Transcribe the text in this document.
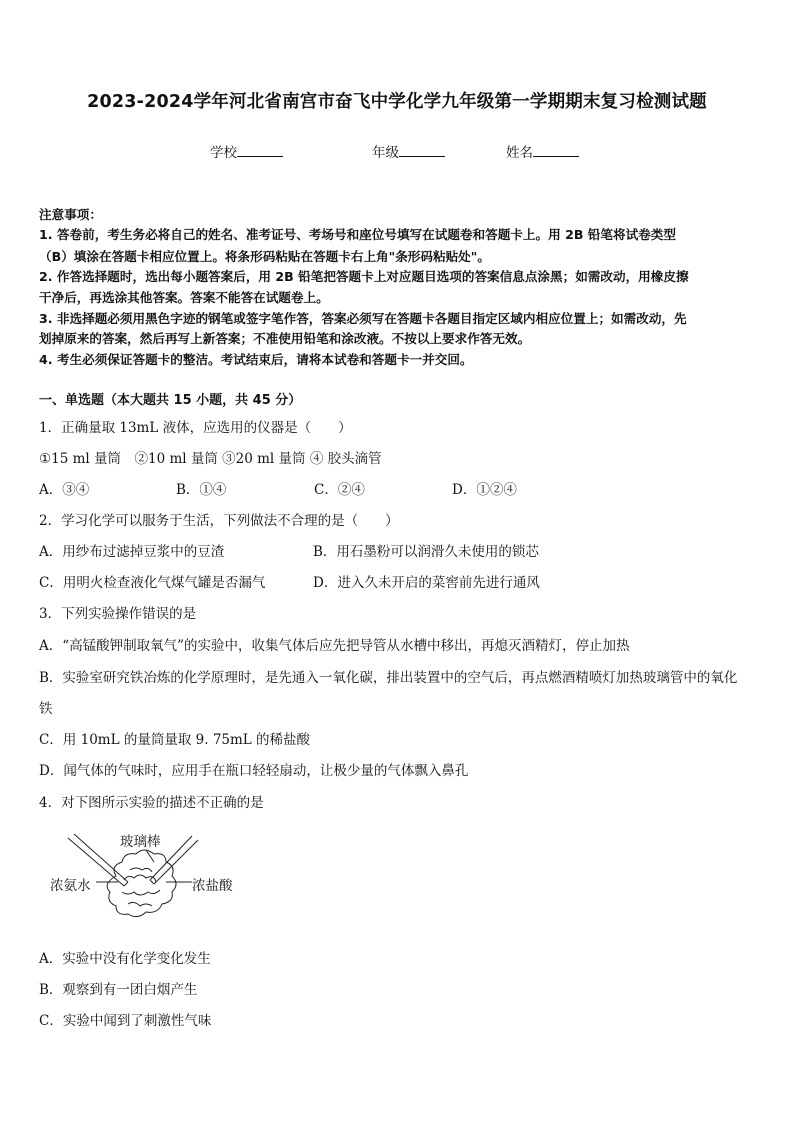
2023-2024学年河北省南宫市奋飞中学化学九年级第一学期期末复习检测试题
学校	年级	姓名
注意事项：
1. 答卷前，考生务必将自己的姓名、准考证号、考场号和座位号填写在试题卷和答题卡上。用 2B 铅笔将试卷类型
（B）填涂在答题卡相应位置上。将条形码粘贴在答题卡右上角"条形码粘贴处"。
2. 作答选择题时，选出每小题答案后，用 2B 铅笔把答题卡上对应题目选项的答案信息点涂黑；如需改动，用橡皮擦
干净后，再选涂其他答案。答案不能答在试题卷上。
3. 非选择题必须用黑色字迹的钢笔或签字笔作答，答案必须写在答题卡各题目指定区域内相应位置上；如需改动，先
划掉原来的答案，然后再写上新答案；不准使用铅笔和涂改液。不按以上要求作答无效。
4. 考生必须保证答题卡的整洁。考试结束后，请将本试卷和答题卡一并交回。
一、单选题（本大题共 15 小题，共 45 分）
1．正确量取 13mL 液体，应选用的仪器是（　　）
①15 ml 量筒　②10 ml 量筒 ③20 ml 量筒 ④ 胶头滴管
A．③④	B．①④	C．②④	D．①②④
2．学习化学可以服务于生活，下列做法不合理的是（　　）
A．用纱布过滤掉豆浆中的豆渣	B．用石墨粉可以润滑久未使用的锁芯
C．用明火检查液化气煤气罐是否漏气	D．进入久未开启的菜窖前先进行通风
3．下列实验操作错误的是
A．“高锰酸钾制取氧气”的实验中，收集气体后应先把导管从水槽中移出，再熄灭酒精灯，停止加热
B．实验室研究铁冶炼的化学原理时，是先通入一氧化碳，排出装置中的空气后，再点燃酒精喷灯加热玻璃管中的氧化
铁
C．用 10mL 的量筒量取 9. 75mL 的稀盐酸
D．闻气体的气味时，应用手在瓶口轻轻扇动，让极少量的气体飘入鼻孔
4．对下图所示实验的描述不正确的是
玻璃棒
浓氨水	浓盐酸
A．实验中没有化学变化发生
B．观察到有一团白烟产生
C．实验中闻到了刺激性气味
